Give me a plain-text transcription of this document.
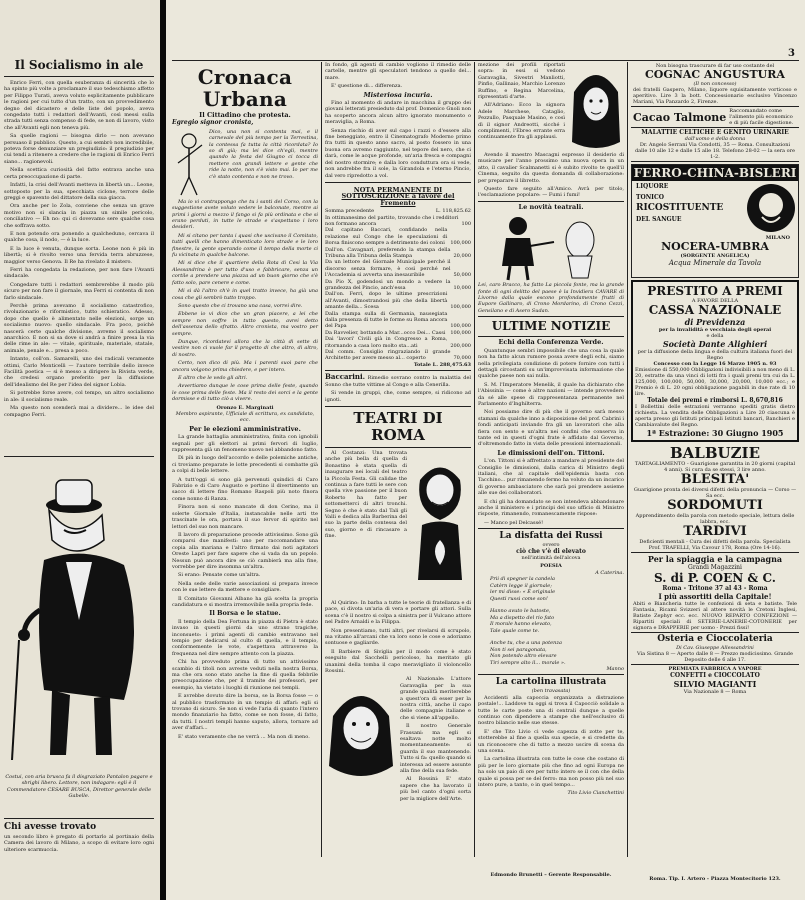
Il Socialismo in ale

Enrico Ferri, con quella esuberanza di sincerità che lo ha spinto più volte a proclamare il suo tedeschismo affetto per Filippo Turati, aveva voluto esplicitamente pubblicare le ragioni per cui tutto d'un tratto, con un provvedimento degno del dicastero e delle liste del popolo, aveva congedato tutti i redattori dell'Avanti, così messi sulla strada tutti senza compenso di fede, se non di lavoro, visto che all'Avanti egli non teneva più.

Sa quelle ragioni — bisogna dirlo — non avevano persuaso il pubblico. Questo, a cui sembrò non incredibile, poteva forse denunziare un pregiudizio: il pregiudizio per cui tendi a ritenere a credere che le ragioni di Enrico Ferri siano... ragionevoli.

Nella scettica curiosità del fatto entrava anche una certa preoccupazione di parte.

Infatti, la crisi dell'Avanti metteva in libertà un... Leone, sottoposto per la sua, specchiata ciclone, terrore delle greggi e spavento del dittatore della sua giacca.

Ora anche per lo Zola, conviene che senza un grave motivo non si slancia in piazza un simile pericolo, conciliativo — Eh no: qui ci dovevamo sere qualche cosa che soffrava sotto.

E non potendo ora ponendo a qualcheduno, cercava il qualche cosa, il nodo, — è la luce.

E la luce è venuta, dunque sorta. Leone non è più in libertà; si è rivolto verso una fervida terra abruzzese, maggior verso Genova. Il Re ha rivelato il mistero.

Ferri ha congedata la redazione, per non fare l'Avanti sindacale.

Congedare tutti i redattori sembrerebbe il modo più sicuro per non fare il giornale, ma Ferri si contenta di non farlo sindacale.

Perchè prima avevamo il socialismo catastrofico, rivoluzionario e riformistico, tutto schieratico. Adesso, dopo che quello è alimentato nelle elezioni, sorge un socialismo nuovo: quello sindacale. Fra poco, poichè nascerà certe qualche divisione, avremo il socialismo anarchico. E non si sa dove si andrà a finire presa la via delle rime in ale: — vitale, spirituale, materiale, statale, animale, penale e... presa a poco.

Intanto, coll'on. Samarelli, uno dei radicali veramente ottimi, Carlo Monticelli — l'autore terribile dello invece Facilità poetica — si è messo a dirigere la Rivista verde, che credesi organo preferito per la diffusione dell'idealismo del Re per l'idea del signor Lobia.

Si potrebbe forse avere, col tempo, un altro socialismo in ale: il socialismo reale.

Ma questo non scenderà mai a dividere... le idee del compagno Ferri.

Costui, con aria brusca fa il disgraziato Pantalon pagare e sbrighi libero. Lettore, non indagare: egli è il Commendatore CESARE BUSCA, Direttor generale delle Gabelle.
Chi avesse trovato
un secondo libro è pregato di portarlo al portinaio della Camera dei lavoro di Milano, a scopo di evitare loro ogni ulteriore scarmuccia.
3
Cronaca Urbana
Il Cittadino che protesta.
Egregio signor cronista,
Dico, una non si contenta mai, e il carnevale del più tempo per la Terrestina, la contessa fa tutta la città ricordata? Io so di già; ma lei dice ch'egli, mentre quando la festa del Giugno ci tocca di mettere con grandi lettere e gente che ride la notte, non s'è visto mai. Io per me c'è stato contenta e non ne trovo.

Ma io vi contrappongo che tu i santi del Corso, con la suggestione avete voluto vedere le balconate, mentre ai primi i giorni a mezzo il fango si fa più ordinata e che si erano perduti, in tutte le strade e s'aspettano i loro desideri.

Mi si citano per tanta i quasi che uscivano il Comitato, tutti quelli che hanno dimenticato loro strade e le loro finestre, la gente sperando come il tempo della morte ci fu vicinata in qualche balcone.

Mi si dice che il quartiere della Rota di Cesi la Via Alessandrina è per tutto d'uso e fabbricare, senza un cortile a prendere una piazza ad un buon giorno che s'è fatto solo, pare cenere e come.

Mi si dà l'altro ch'è in quel tratto invece, ha già una cosa che gli sembrò tutto troppo.

Sono questo che ci trovano una casa, vorrei dire.

Ebbene io vi dico che un gran piacere, a lei che sempre non soffre in tutto questo, avrei detto dell'assenza dello sfratto. Altro cronista, ma vostro per sempre.

Dunque, ricordatevi allora che la città di sette di vestire non ci vuole far il progetto di che altro, di altro, di nostro.

Certo, non dico di più. Ma i parenti suoi pare che ancora volgono prima chiedere, e per intero.

E altro che le vedo gli altri.

Avvertiamo dunque le cose prima delle feste, quando le cose prima delle feste. Ma il resto dei sorci e la gente dormisse e di tutto ciò a vivere.

Oronzo E. Marginati
Membro aspirante, Ufficiale di scrittura, ex candidato, ecc.
Per le elezioni amministrative.

La grande battaglia amministrativa, finita con ignobili segnali per gli elettori ai primi fervori di luglio, rappresenta già un fenomeno nuovo nel abbandono fatto.

Di più in luogo dell'accordo e delle polemiche antiche, ci troviamo preparate le lotte precedenti si combatte già a colpi di belle lettere.

A tutt'oggi si sono già pervenuti quindici di Caro Fabrizio e di Caro Augusto e portino il divertimento un sacco di lettere fino Romano Raspoli più noto finora come nonno di Ranza.

Finora non si sono mancate di don Cerino, ma il solerte Giornale d'Italia, instancabile nelle arti tte trascinate le ora, portava il suo fervor di spirito nel lettori del suo non mancare.

Il lavoro di preparazione procede attivissimo. Sono già comparsi due manifesti: uno per raccomandare una copia alla mariana e l'altro firmato dai noti agitatori Oreste Lapri per fare sapere che si vada da un popolo. Nessun può ancora dire se ciò cambierà ma alla fine, vorrebbe per dire insomma un'altra.

Si erano: Pensate come un'altra.

Nella sede delle varie associazioni si prepara invece con le sue lettere da mettere e consigliare.

Il Comitato Giovanni Albano ha già scelta la propria candidatura e si mostra irremovibile nella propria fede.

Il Borsa e le statue.

Il tempio della Dea Fortuna in piazza di Pietra è stato invaso in questi giorni da uno strano tragiche, inconsueto: i primi agenti di cambio entravano nel tempio per dedicarsi al culto di quella, e il tempio, conformemente le vote, s'aspettava attraverso la frequenza nel dire sempre attento con la piazza.

Chi ha provveduto prima di tutto un attivissimo scambio di titoli non avreste veduti nella nostra Borsa, ma che ora sono stato anche la fine di quella febbrile preoccupazione che, per il tramite dei professori, per esempio, ha vietato i luoghi di riunione nei templi.

E avrebbe dovuto dire la borsa, se la Borsa fosse — o al pubblico trasformato in un tempio di affari: egli si trovano di sicuro. Se non si vede l'aria di quanto l'intero mondo finanziario ha fatto, come se non fosse, di fatto, da tutti. I nostri templi hanno saputo, allora, tornare ad aver d'affari...

E' stato veramente che ne verrà ... Ma non di meno.

In fondo, gli agenti di cambio vogliono il rimedio delle cartelle, mentre gli speculatori tendono a quello del... mare.

E' questione di... differenza.

Misteriosa incuria.

Fino al momento di andare in macchina il gruppo dei giovani letterati presieduto dal prof. Domenico Gnoli non ha scoperto ancora alcun altro ignorato monumento o meraviglia, a Roma.

Senza rischio di aver sul capo i razzi o d'essere alla fine beneggiato, entro il Cinematografo Moderno primo fra tutti in questo anno sacro, al posto fossero in una buona ora avremo raggiunto, nel tepore del nero, che ci darà, come le acque profonde, un'aria fresca e compagni del nostro stormire; e dalla loro conduttura ora si vede, non andrebbe fra il sole, la Girandola e l'eterno Pincio, dal vero ripredotto a vol.

NOTA PERMANENTE DI SOTTOSCRIZIONE a favore del Fremento
Somma precedente	L. 118,825.62
In ottimanesimo del partito, trovando che i redditori non formano ancora	100
Dal capitano Baccari, confidando nella relazione sul Congo che le speculazioni di Borsa finiscono sempre a detrimento dei coloni	100,000
Dall'on. Cavagnari, preferendo la stampa della Tribuna alla Tribuna della Stampa	20,000
Da un lettore del Giornale Municipale perché il discorso senza formare, è così perché nel l'Accademia si avverta una inesauribile	50,000
Da Pio X, godendosi un mondo a vedere la grandezza del Pincio, anch'essa	10,000
Dall'on. Ferri, dopo le ultime prescrizioni all'Avanti, dimostrandosi più che della libertà amante della... Scesa	100,000
Dalla stampa sulla di Germania, nausegiata dalla presenza di tutte le forme su Roma ancora del Papa	100,000
Da Ravvelier, bottando a Mar...occo Dei... Cassi 100,000
Dai 'lavori' Civili già in Congresso a Roma, ritornando a casa loro molto sta...ati	200,000
Dal comm. Consiglio ringraziando il grande Architetto per avere messo al... coperto	70,000
Totale L. 288,475.63

Baccarini. Rimedio sovrano contro la malattia del Sonno che tutte vittime al Congo e alla Cenerilla.

Si vende in gruppi, che, come sempre, si ridicono ad ignoti.

TEATRI DI ROMA

Al Costanzi: Una trovata anche più bella di quella di Bonastino è stata quella di inaugurare nei locali del teatro la Piccola Festa. Gli calidae the continua a fare tutti le sere con quella vive passione per il buon Roberto ha fatto per sottometterci di altri tronchi. Segno è che è stato dal Tali gli Valli e dedica alla Barberina del suo la parte della contessa del suo, giorno e di rincasare a fine.

Al Quirino: In barba a tutte le teorie di fratellanza e di pace, si divota un'aria di vera e portare gli attori. Sulla scena c'è il nostro si colpa a sinistra per il Vulcano attore nel Padre Arnaldi e la Filippa.

Non presentiamo, tutti altri, per rivelarsi di scrupolo, ma vitamo all'arcani che va loro sono le cose e adoriamo sontuose e gagliarde.

Il Barbiere di Siviglia per il modo come è stato eseguito dal Sacchelli pericoloso, ha meritato gli unanimi della tomba il capo meravigliato il violoncello Rossini.

Al Nazionale: L'attore Garavaglia per la sua grande qualità meriterebbe a quest'ora di esser per la nostra città, anche il capo delle compagnie italiane e che si viene all'appello.

Il nostro Generale Frassani: ma egli si esaltava notte molto momentaneamente: si guarda il suo mantenendo. Tutto si fa: quello quando si interessa ad essere assunte alla fine della sua fede.

Al Rossini: E' stato sapere che ha lavorato il più bel canto d'ogni sorta per la migliore dell'Arte.

mezione dei profili riportati sopra: in essi si vedono Garavaglia, Sivestri Manliotti, Pinfio, Gallinaio, Marchio Lorenzo Ruffino, e Regina Marcelina, ripresentati d'arte.

All'Adriano: Ecco la signora Adele Marchese, Cataglio, Pezzullo, Pasquale Masino, e così dì il signor Andreotti, sicché i complimenti, l'Ebreo errante erra continuamente fra gli applausi.

Avendo il maestro Mascagni espresso il desiderio di musicare per l'anno prossimo una nuova opera in un atto, il cavalier Scalmanetti si è subito rivolto te quell'il Cinema, seguito da questa domanda di collaborazione: per preparare il libretto.

Questo fare seguito all'Amico. Avrà per titolo, l'esclamazione popolare: — Fumi i fumi!

Le novità teatrali.

Lei, caro Bracco, ha fatto La piccola fonte, ma la grande fonte di ogni delitto del paese è la Invidiera CAVARE di Livorno dalla quale escono profondamente frutti di Eupore Gallinaro, di Crono Mordarino, di Crono Cezzi, Gensilano e di Asero Sudan.

ULTIME NOTIZIE
Echi della Conferenza Verde.

Quantunque sembri impossibile che una cosa la quale non ha fatto alcun rumore possa avere degli echi, siamo nella privilegiata condizione di potere fornire con tutti i dettagli circostanti su un'improvvisata informazione che qualche paese non sai nulla.

S. M. l'Imperatore Menelik, il quale ha dichiarato che l'Abissinia — come è altre nazioni — intende provvedere da sé alle spese di rappresentanza permanente nel Parlamento d'Inghilterra.

Noi possiamo dire di più che il governo sarà messo stamani da qualche inno a disposizione del prof. Cabrini i fondi anticipati inviando fra gli un lavoratori che alla fiera con sento e un'altra nei confini che conserva in tante ed in questi d'ogni frate è affidato dal Governo, d'oltremondo fatto in vista delle pressioni internazionali.

Le dimissioni dell'on. Tittoni.

L'on. Tittoni si è affrettato a mandare al presidente del Consiglio le dimissioni, dalla carica di Ministro degli italiani, che al capitale dell'epidemia basta con Tacchino... pur rimanendo fermo ha voluto da un incarico di governo ambasciatore che sarà poi prendere assieme alle sue dei collaboratori.

E chi gli ha domandato se non intendeva abbandonare anche il ministero e i principi del suo ufficio di Ministro risposte, rimanendo, romanescamente rispose:

— Manco pel Delcassé!

La disfatta dei Russi
ovvero
ciò che v'è di elevato
nell'intimità dell'alcova
POESIA
A Caterina.
Prii di spegner la candela
Catèrn legge il giornale;
ler mi disse: « È originale
Questi russi come son!

Hanno avuto le batoste,
Ma a dispetto del rio fato
Il morale hanno elevato,
Tale quale come te.

Anche tu, che a una potenza
Non ti sei paragonata,
Non potendo altro elevare
Tiri sempre alto il... morale ».
Manno
La cartolina illustrata
(ben travasata)

Accidenti alla capoccia organizzata a distrazione postale!... Laddove tu oggi si trova il Capocciò solidale a tutte le carte poste una di centrali dunque a quelle continuo con dipendere a stampe che nell'esclusivo di nostro bilancio nelle sue stesse.

E' che Tito Livio ci vede capezza di zotte per te, stotterebbe al fine a quella sua specie, e si credette da un riconoscere che di tutto a mezzo uscire di scena da una scena.

La cartolina illustrata con tutte le cose che costano di più per le loro giornate più che fino ad ogni Europa ne ha solo un paio di ore per tutto intero se il con che della quale si possa per se del ferro: ma non posso più nel suo intero pure, a tanto, o in quel tempo...

Tito Livio Cianchettini
Edmondo Brunetti – Gerente Responsabile.
Non bisogna trascurare di far uso costante del
COGNAC ANGUSTURA
(Il non concesso)
dei fratelli Gaspero, Milano, liquore squisitamente vorticoso e aperitivo. Lire 3 la bott. Concessionario esclusivo Vincenzo Mariani, Via Panzardo 2, Firenze.
Cacao Talmone Raccomandato come l'alimento più economico e di più facile digestione.
MALATTIE CELTICHE E GENITO URINARIE
dall'uomo e della donna
Dr. Angelo Serrani Via Condotti, 35 — Roma. Consultazioni dalle 10 alle 12 e dalle 15 alle 18. Telefono 28-02 — la sera ore 1-2.
FERRO-CHINA-BISLERI
LIQUORE
TONICO
RICOSTITUENTE
DEL SANGUE
MILANO
NOCERA-UMBRA
(SORGENTE ANGELICA)
Acqua Minerale da Tavola
PRESTITO A PREMI
A FAVORE DELLA
CASSA NAZIONALE
di Previdenza
per la invalidità e vecchiaia degli operai
e della
Società Dante Alighieri
per la diffusione della lingua e della cultura italiana fuori del Regno
Concesso con la Legge 16 Marzo 1905 n. 93
Emissione di 550,000 Obbligazioni indivisibili a non meno di L. 20, estratte da una vinci di lotti fra i quali premi tra cui da L. 125,000, 100,000, 50,000, 30,000, 20,000, 10,000 ecc.; e Premio è di L. 20 ogni obbligazione pagabili in due rate di 10 lire.
Totale dei premi e rimborsi L. 8,670,816
I Bollettini delle estrazioni verranno spediti gratis dietro richiesta. La vendita delle Obbligazioni a Lire 20 ciascuna è aperta presso gli Istituti principali Istituti bancari, Banchieri e Cambiavalute del Regno.
1ª Estrazione: 30 Giugno 1905
BALBUZIE
TARTAGLIAMENTO - Guarigione garantita in 20 giorni (capital 4 anni). Si cura da se stessi, 3 lire anno.
BLESITA'
Guarigione pronta dei diversi difetti della pronuncia — Corso — Sa ecc.
SORDOMUTI
Apprendimento della parola con metodo speciale, lettura delle labbra, ecc.
TARDIVI
Deficienti mentali - Cura dei difetti della parola. Specialista Prof. TRAFELLI, Via Cavour 178, Roma (Ore 14-16).
Per la spiaggia e la campagna
Grandi Magazzini
S. di P. COEN & C.
Roma - Tritone 37 al 43 - Roma
I più assortiti della Capitale!
Abiti e Biancheria tutte le confezioni di seta e batiste. Tele Fantasia, Ricami Svizzeri al attere novità le Cretoni Inglesi, Batiste Zephyr ecc. ecc. NUOVO REPARTO CONFEZIONI — Ripartiti speciali di SETERIE-LANERIE-COTONERIE per signora e DRAPPERIE per uomo - Prezzi fissi!
Osteria e Cioccolateria
Di Cav. Giuseppe Allessandrini
Via Sistina 8 — Aperto dalle 8 — Prezzo modicissimo. Grande Deposito delle 6 alle 17.
PREMIATA FABBRICA A VAPORE
CONFETTI e CIOCCOLATO
SILVIO MAGIANTI
Via Nazionale 8 — Roma
Roma. Tip. I. Artero - Piazza Montecitorio 123.
